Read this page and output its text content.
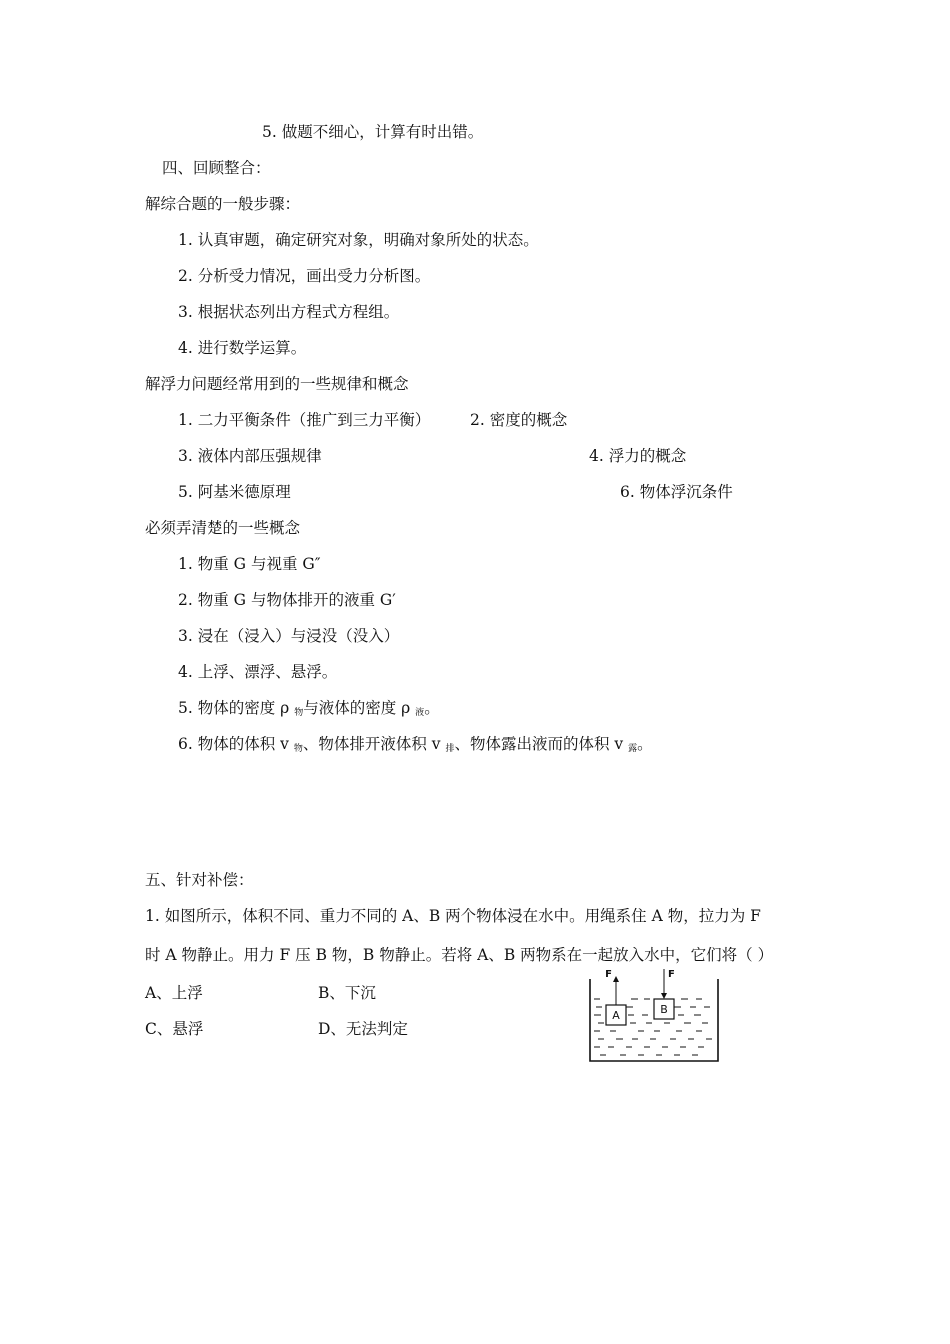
5. 做题不细心，计算有时出错。
四、回顾整合：
解综合题的一般步骤：
1. 认真审题，确定研究对象，明确对象所处的状态。
2. 分析受力情况，画出受力分析图。
3. 根据状态列出方程式方程组。
4. 进行数学运算。
解浮力问题经常用到的一些规律和概念
1. 二力平衡条件（推广到三力平衡）	2. 密度的概念
3. 液体内部压强规律	4. 浮力的概念
5. 阿基米德原理	6. 物体浮沉条件
必须弄清楚的一些概念
1. 物重 G 与视重 G″
2. 物重 G 与物体排开的液重 G′
3. 浸在（浸入）与浸没（没入）
4. 上浮、漂浮、悬浮。
5. 物体的密度 ρ $_物$与液体的密度 ρ $_液$。
6. 物体的体积 v $_物$、物体排开液体积 v $_排$、物体露出液而的体积 v $_露$。
五、针对补偿：
1. 如图所示，体积不同、重力不同的 A、B 两个物体浸在水中。用绳系住 A 物，拉力为 F
时 A 物静止。用力 F 压 B 物，B 物静止。若将 A、B 两物系在一起放入水中，它们将（ ）
A、上浮	B、下沉
C、悬浮	D、无法判定
A
F
B
F
